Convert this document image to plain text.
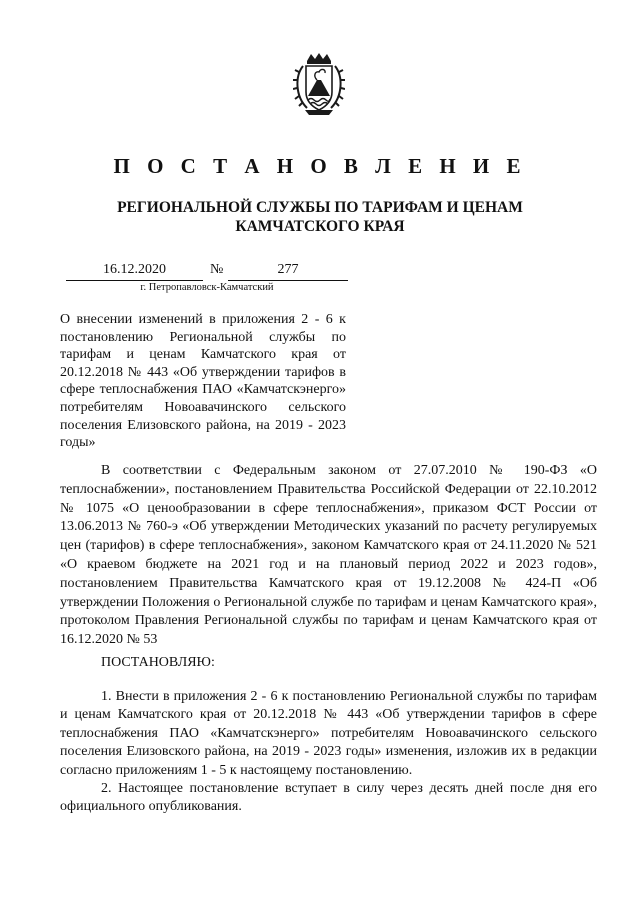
П О С Т А Н О В Л Е Н И Е
РЕГИОНАЛЬНОЙ СЛУЖБЫ ПО ТАРИФАМ И ЦЕНАМ КАМЧАТСКОГО КРАЯ
16.12.2020	№	277
г. Петропавловск-Камчатский
О внесении изменений в приложения 2 - 6 к постановлению Региональной службы по тарифам и ценам Камчатского края от 20.12.2018 № 443 «Об утверждении тарифов в сфере теплоснабжения ПАО «Камчатскэнерго» потребителям Новоавачинского сельского поселения Елизовского района, на 2019 - 2023 годы»

В соответствии с Федеральным законом от 27.07.2010 № 190-ФЗ «О теплоснабжении», постановлением Правительства Российской Федерации от 22.10.2012 № 1075 «О ценообразовании в сфере теплоснабжения», приказом ФСТ России от 13.06.2013 № 760-э «Об утверждении Методических указаний по расчету регулируемых цен (тарифов) в сфере теплоснабжения», законом Камчатского края от 24.11.2020 № 521 «О краевом бюджете на 2021 год и на плановый период 2022 и 2023 годов», постановлением Правительства Камчатского края от 19.12.2008 № 424-П «Об утверждении Положения о Региональной службе по тарифам и ценам Камчатского края», протоколом Правления Региональной службы по тарифам и ценам Камчатского края от 16.12.2020 № 53

ПОСТАНОВЛЯЮ:

1. Внести в приложения 2 - 6 к постановлению Региональной службы по тарифам и ценам Камчатского края от 20.12.2018 № 443 «Об утверждении тарифов в сфере теплоснабжения ПАО «Камчатскэнерго» потребителям Новоавачинского сельского поселения Елизовского района, на 2019 - 2023 годы» изменения, изложив их в редакции согласно приложениям 1 - 5 к настоящему постановлению.

2. Настоящее постановление вступает в силу через десять дней после дня его официального опубликования.
